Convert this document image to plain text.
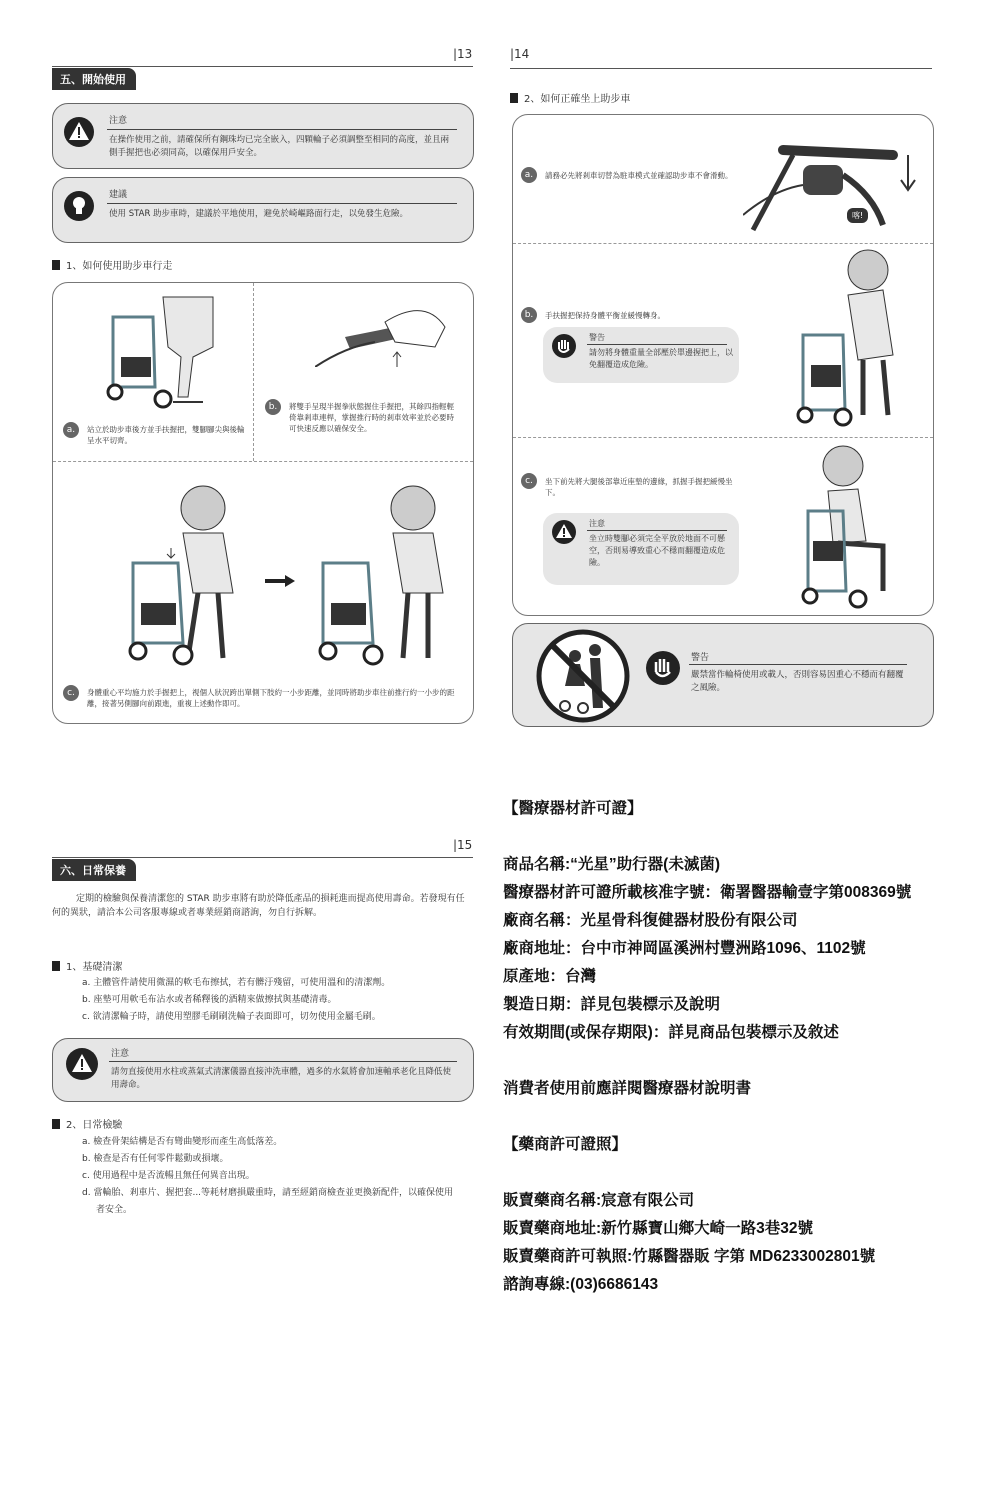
|13
五、開始使用
注意
在操作使用之前，請確保所有鋼珠均已完全嵌入，四顆輪子必須調整至相同的高度，並且兩側手握把也必須同高，以確保用戶安全。
建議
使用 STAR 助步車時，建議於平地使用，避免於崎嶇路面行走，以免發生危險。
1、如何使用助步車行走
a.	站立於助步車後方並手扶握把，雙腳腳尖與後輪呈水平切齊。
b.	將雙手呈現半握拳狀態握住手握把，其餘四指輕輕倚靠剎車連桿，掌握推行時的剎車效率並於必要時可快速反應以確保安全。
c.	身體重心平均施力於手握把上，視個人狀況跨出單側下肢約一小步距離，並同時將助步車往前推行約一小步的距離，接著另側腳向前跟進，重複上述動作即可。
|14
2、如何正確坐上助步車
a.	請務必先將剎車切替為駐車模式並確認助步車不會滑動。
喀!
b.	手扶握把保持身體平衡並緩慢轉身。
警告
請勿將身體重量全部壓於單邊握把上，以免翻覆造成危險。
c.	坐下前先將大腿後部靠近座墊的邊緣，抓握手握把緩慢坐下。
注意
坐立時雙腳必須完全平放於地面不可懸空，否則易導致重心不穩而翻覆造成危險。
警告
嚴禁當作輪椅使用或載人，否則容易因重心不穩而有翻覆之風險。
|15
六、日常保養
定期的檢驗與保養清潔您的 STAR 助步車將有助於降低產品的損耗進而提高使用壽命。若發現有任何的異狀，請洽本公司客服專線或者專業經銷商諮詢，勿自行拆解。
1、基礎清潔
a. 主體管件請使用微濕的軟毛布擦拭，若有髒汙殘留，可使用溫和的清潔劑。
b. 座墊可用軟毛布沾水或者稀釋後的酒精來做擦拭與基礎清毒。
c. 欲清潔輪子時，請使用塑膠毛刷刷洗輪子表面即可，切勿使用金屬毛刷。
注意
請勿直接使用水柱或蒸氣式清潔儀器直接沖洗車體，過多的水氣將會加速軸承老化且降低使用壽命。
2、日常檢驗
a. 檢查骨架結構是否有彎曲變形而產生高低落差。
b. 檢查是否有任何零件鬆動或損壞。
c. 使用過程中是否流暢且無任何異音出現。
d. 當輪胎、剎車片、握把套...等耗材磨損嚴重時，請至經銷商檢查並更換新配件，以確保使用者安全。
【醫療器材許可證】
商品名稱:“光星”助行器(未滅菌)
醫療器材許可證所載核准字號：衛署醫器輸壹字第008369號
廠商名稱：光星骨科復健器材股份有限公司
廠商地址：台中市神岡區溪洲村豐洲路1096、1102號
原產地：台灣
製造日期：詳見包裝標示及說明
有效期間(或保存期限)：詳見商品包裝標示及敘述
消費者使用前應詳閱醫療器材說明書
【藥商許可證照】
販賣藥商名稱:宸意有限公司
販賣藥商地址:新竹縣寶山鄉大崎一路3巷32號
販賣藥商許可執照:竹縣醫器販 字第 MD6233002801號
諮詢專線:(03)6686143
